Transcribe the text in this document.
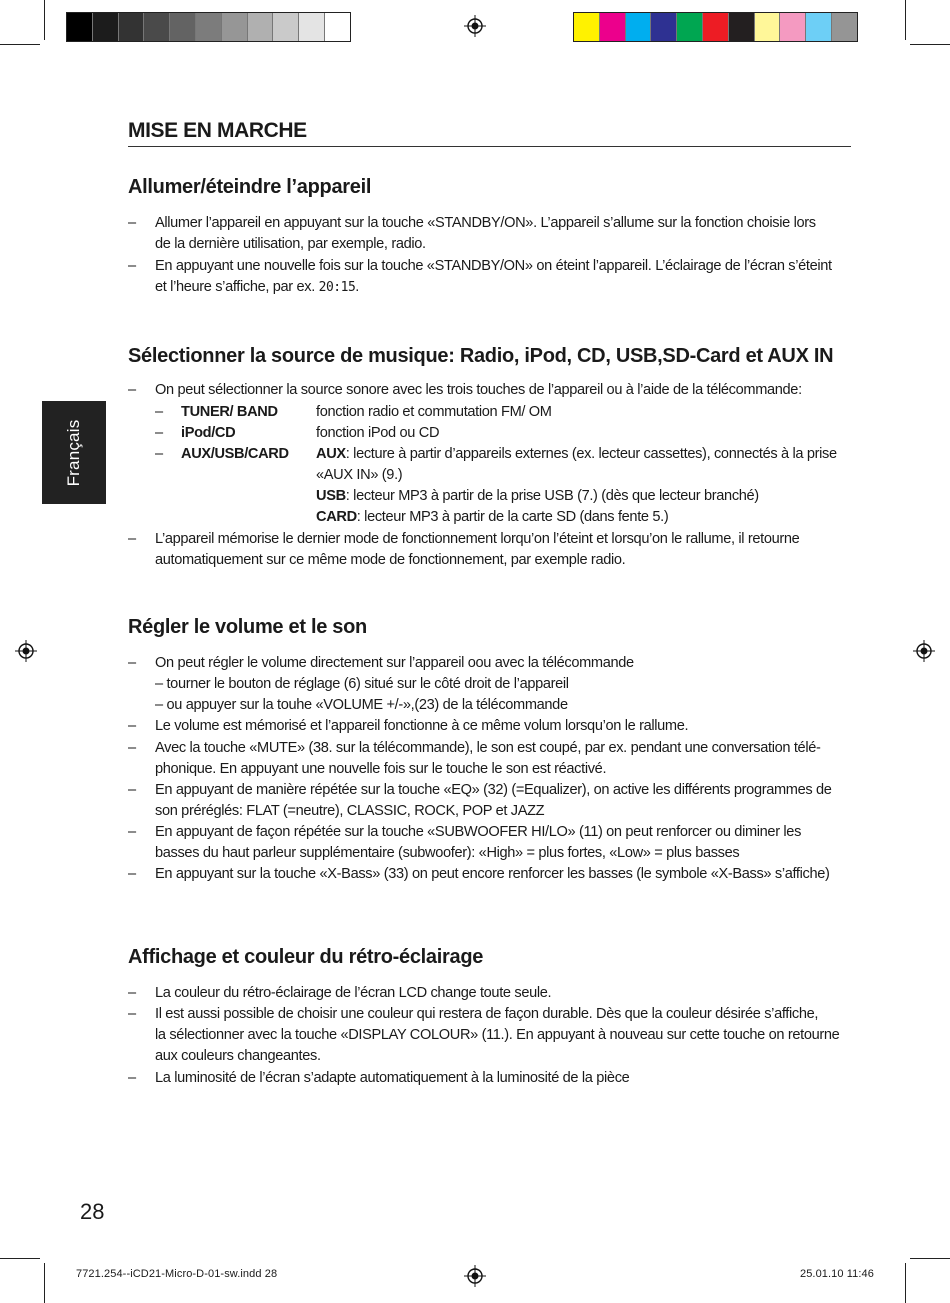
Français
MISE EN MARCHE
Allumer/éteindre l’appareil
– Allumer l’appareil en appuyant sur la touche «STANDBY/ON». L’appareil s’allume sur la fonction choisie lors
de la dernière utilisation, par exemple, radio.
– En appuyant une nouvelle fois sur la touche «STANDBY/ON» on éteint l’appareil. L’éclairage de l’écran s’éteint
et l’heure s’affiche, par ex. 20:15.
Sélectionner la source de musique: Radio, iPod, CD, USB,SD-Card et AUX IN
– On peut sélectionner la source sonore avec les trois touches de l’appareil ou à l’aide de la télécommande:
– TUNER/ BAND	fonction radio et commutation FM/ OM
– iPod/CD	fonction iPod ou CD
– AUX/USB/CARD AUX: lecture à partir d’appareils externes (ex. lecteur cassettes), connectés à la prise
«AUX IN» (9.)
USB: lecteur MP3 à partir de la prise USB (7.) (dès que lecteur branché)
CARD: lecteur MP3 à partir de la carte SD (dans fente 5.)
– L’appareil mémorise le dernier mode de fonctionnement lorqu’on l’éteint et lorsqu’on le rallume, il retourne
automatiquement sur ce même mode de fonctionnement, par exemple radio.
Régler le volume et le son
– On peut régler le volume directement sur l’appareil oou avec la télécommande
– tourner le bouton de réglage (6) situé sur le côté droit de l’appareil
– ou appuyer sur la touhe «VOLUME +/-»,(23) de la télécommande
– Le volume est mémorisé et l’appareil fonctionne à ce même volum lorsqu’on le rallume.
– Avec la touche «MUTE» (38. sur la télécommande), le son est coupé, par ex. pendant une conversation télé-
phonique. En appuyant une nouvelle fois sur le touche le son est réactivé.
– En appuyant de manière répétée sur la touche «EQ» (32) (=Equalizer), on active les différents programmes de
son préréglés: FLAT (=neutre), CLASSIC, ROCK, POP et JAZZ
– En appuyant de façon répétée sur la touche «SUBWOOFER HI/LO» (11) on peut renforcer ou diminer les
basses du haut parleur supplémentaire (subwoofer): «High» = plus fortes, «Low» = plus basses
– En appuyant sur la touche «X-Bass» (33) on peut encore renforcer les basses (le symbole «X-Bass» s’affiche)
Affichage et couleur du rétro-éclairage
– La couleur du rétro-éclairage de l’écran LCD change toute seule.
– Il est aussi possible de choisir une couleur qui restera de façon durable. Dès que la couleur désirée s’affiche,
la sélectionner avec la touche «DISPLAY COLOUR» (11.). En appuyant à nouveau sur cette touche on retourne
aux couleurs changeantes.
– La luminosité de l’écran s’adapte automatiquement à la luminosité de la pièce
28
7721.254--iCD21-Micro-D-01-sw.indd 28	25.01.10 11:46
